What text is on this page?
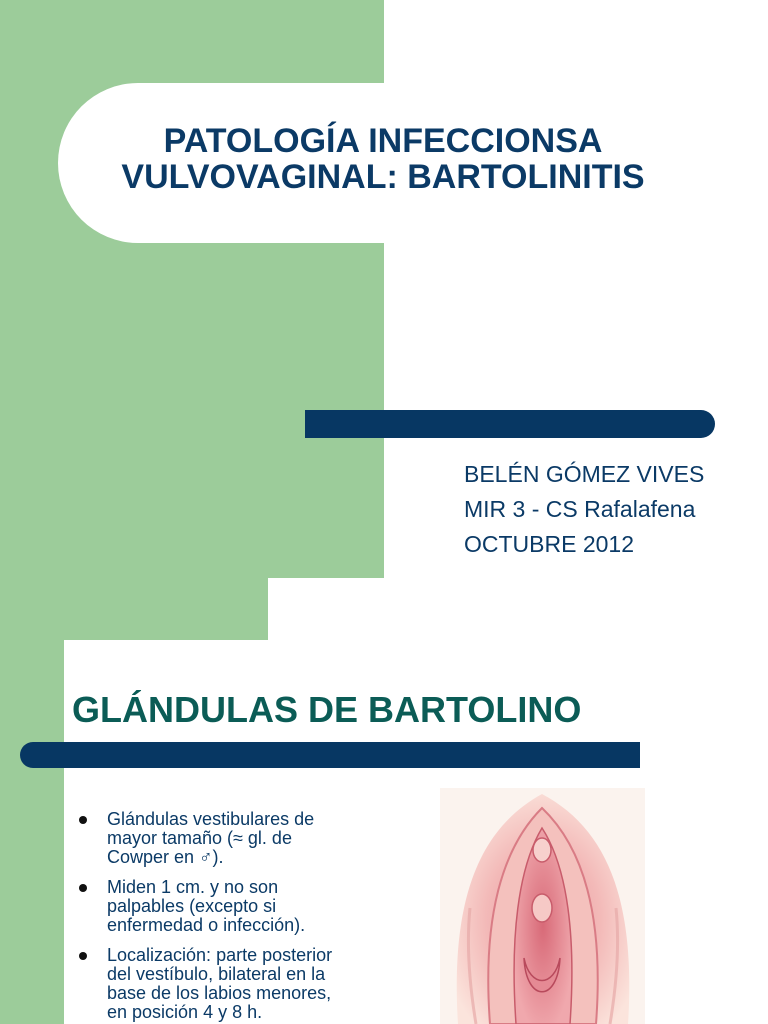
PATOLOGÍA INFECCIONSA
VULVOVAGINAL: BARTOLINITIS
BELÉN GÓMEZ VIVES
MIR 3 - CS Rafalafena
OCTUBRE 2012
GLÁNDULAS DE BARTOLINO
Glándulas vestibulares de
mayor tamaño (≈ gl. de
Cowper en ♂).
Miden 1 cm. y no son
palpables (excepto si
enfermedad o infección).
Localización: parte posterior
del vestíbulo, bilateral en la
base de los labios menores,
en posición 4 y 8 h.
